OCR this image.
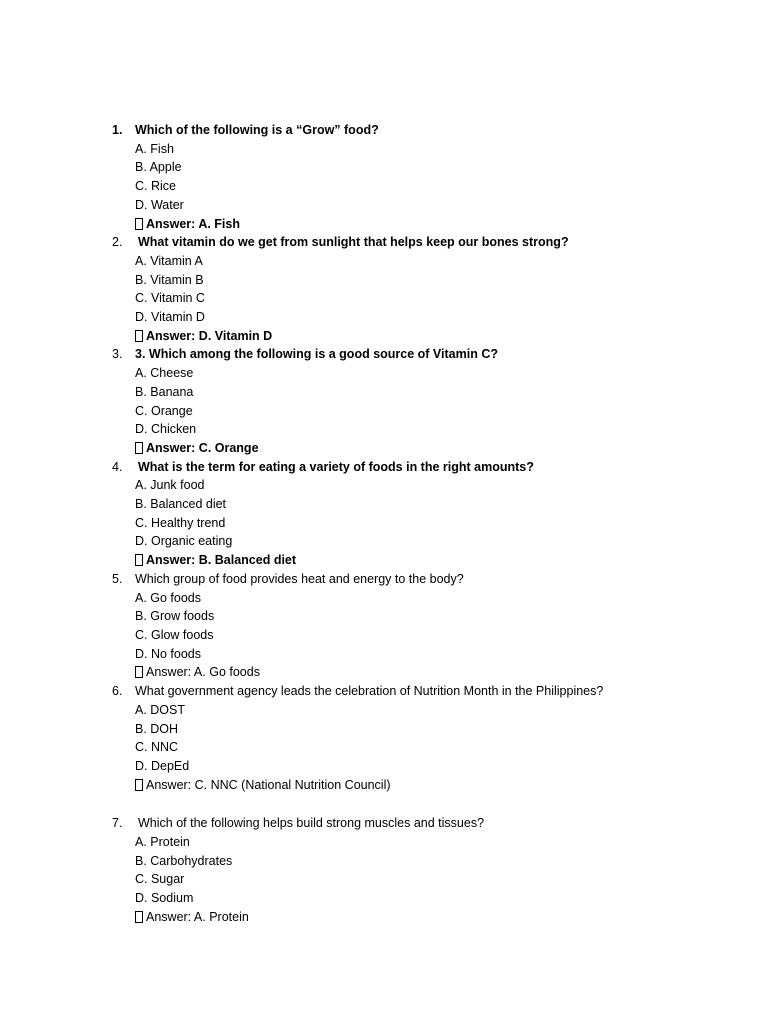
1.	Which of the following is a “Grow” food?
A. Fish
B. Apple
C. Rice
D. Water
Answer: A. Fish
2.	What vitamin do we get from sunlight that helps keep our bones strong?
A. Vitamin A
B. Vitamin B
C. Vitamin C
D. Vitamin D
Answer: D. Vitamin D
3.	3. Which among the following is a good source of Vitamin C?
A. Cheese
B. Banana
C. Orange
D. Chicken
Answer: C. Orange
4.	What is the term for eating a variety of foods in the right amounts?
A. Junk food
B. Balanced diet
C. Healthy trend
D. Organic eating
Answer: B. Balanced diet
5.	Which group of food provides heat and energy to the body?
A. Go foods
B. Grow foods
C. Glow foods
D. No foods
Answer: A. Go foods
6.	What government agency leads the celebration of Nutrition Month in the Philippines?
A. DOST
B. DOH
C. NNC
D. DepEd
Answer: C. NNC (National Nutrition Council)
7.	Which of the following helps build strong muscles and tissues?
A. Protein
B. Carbohydrates
C. Sugar
D. Sodium
Answer: A. Protein
